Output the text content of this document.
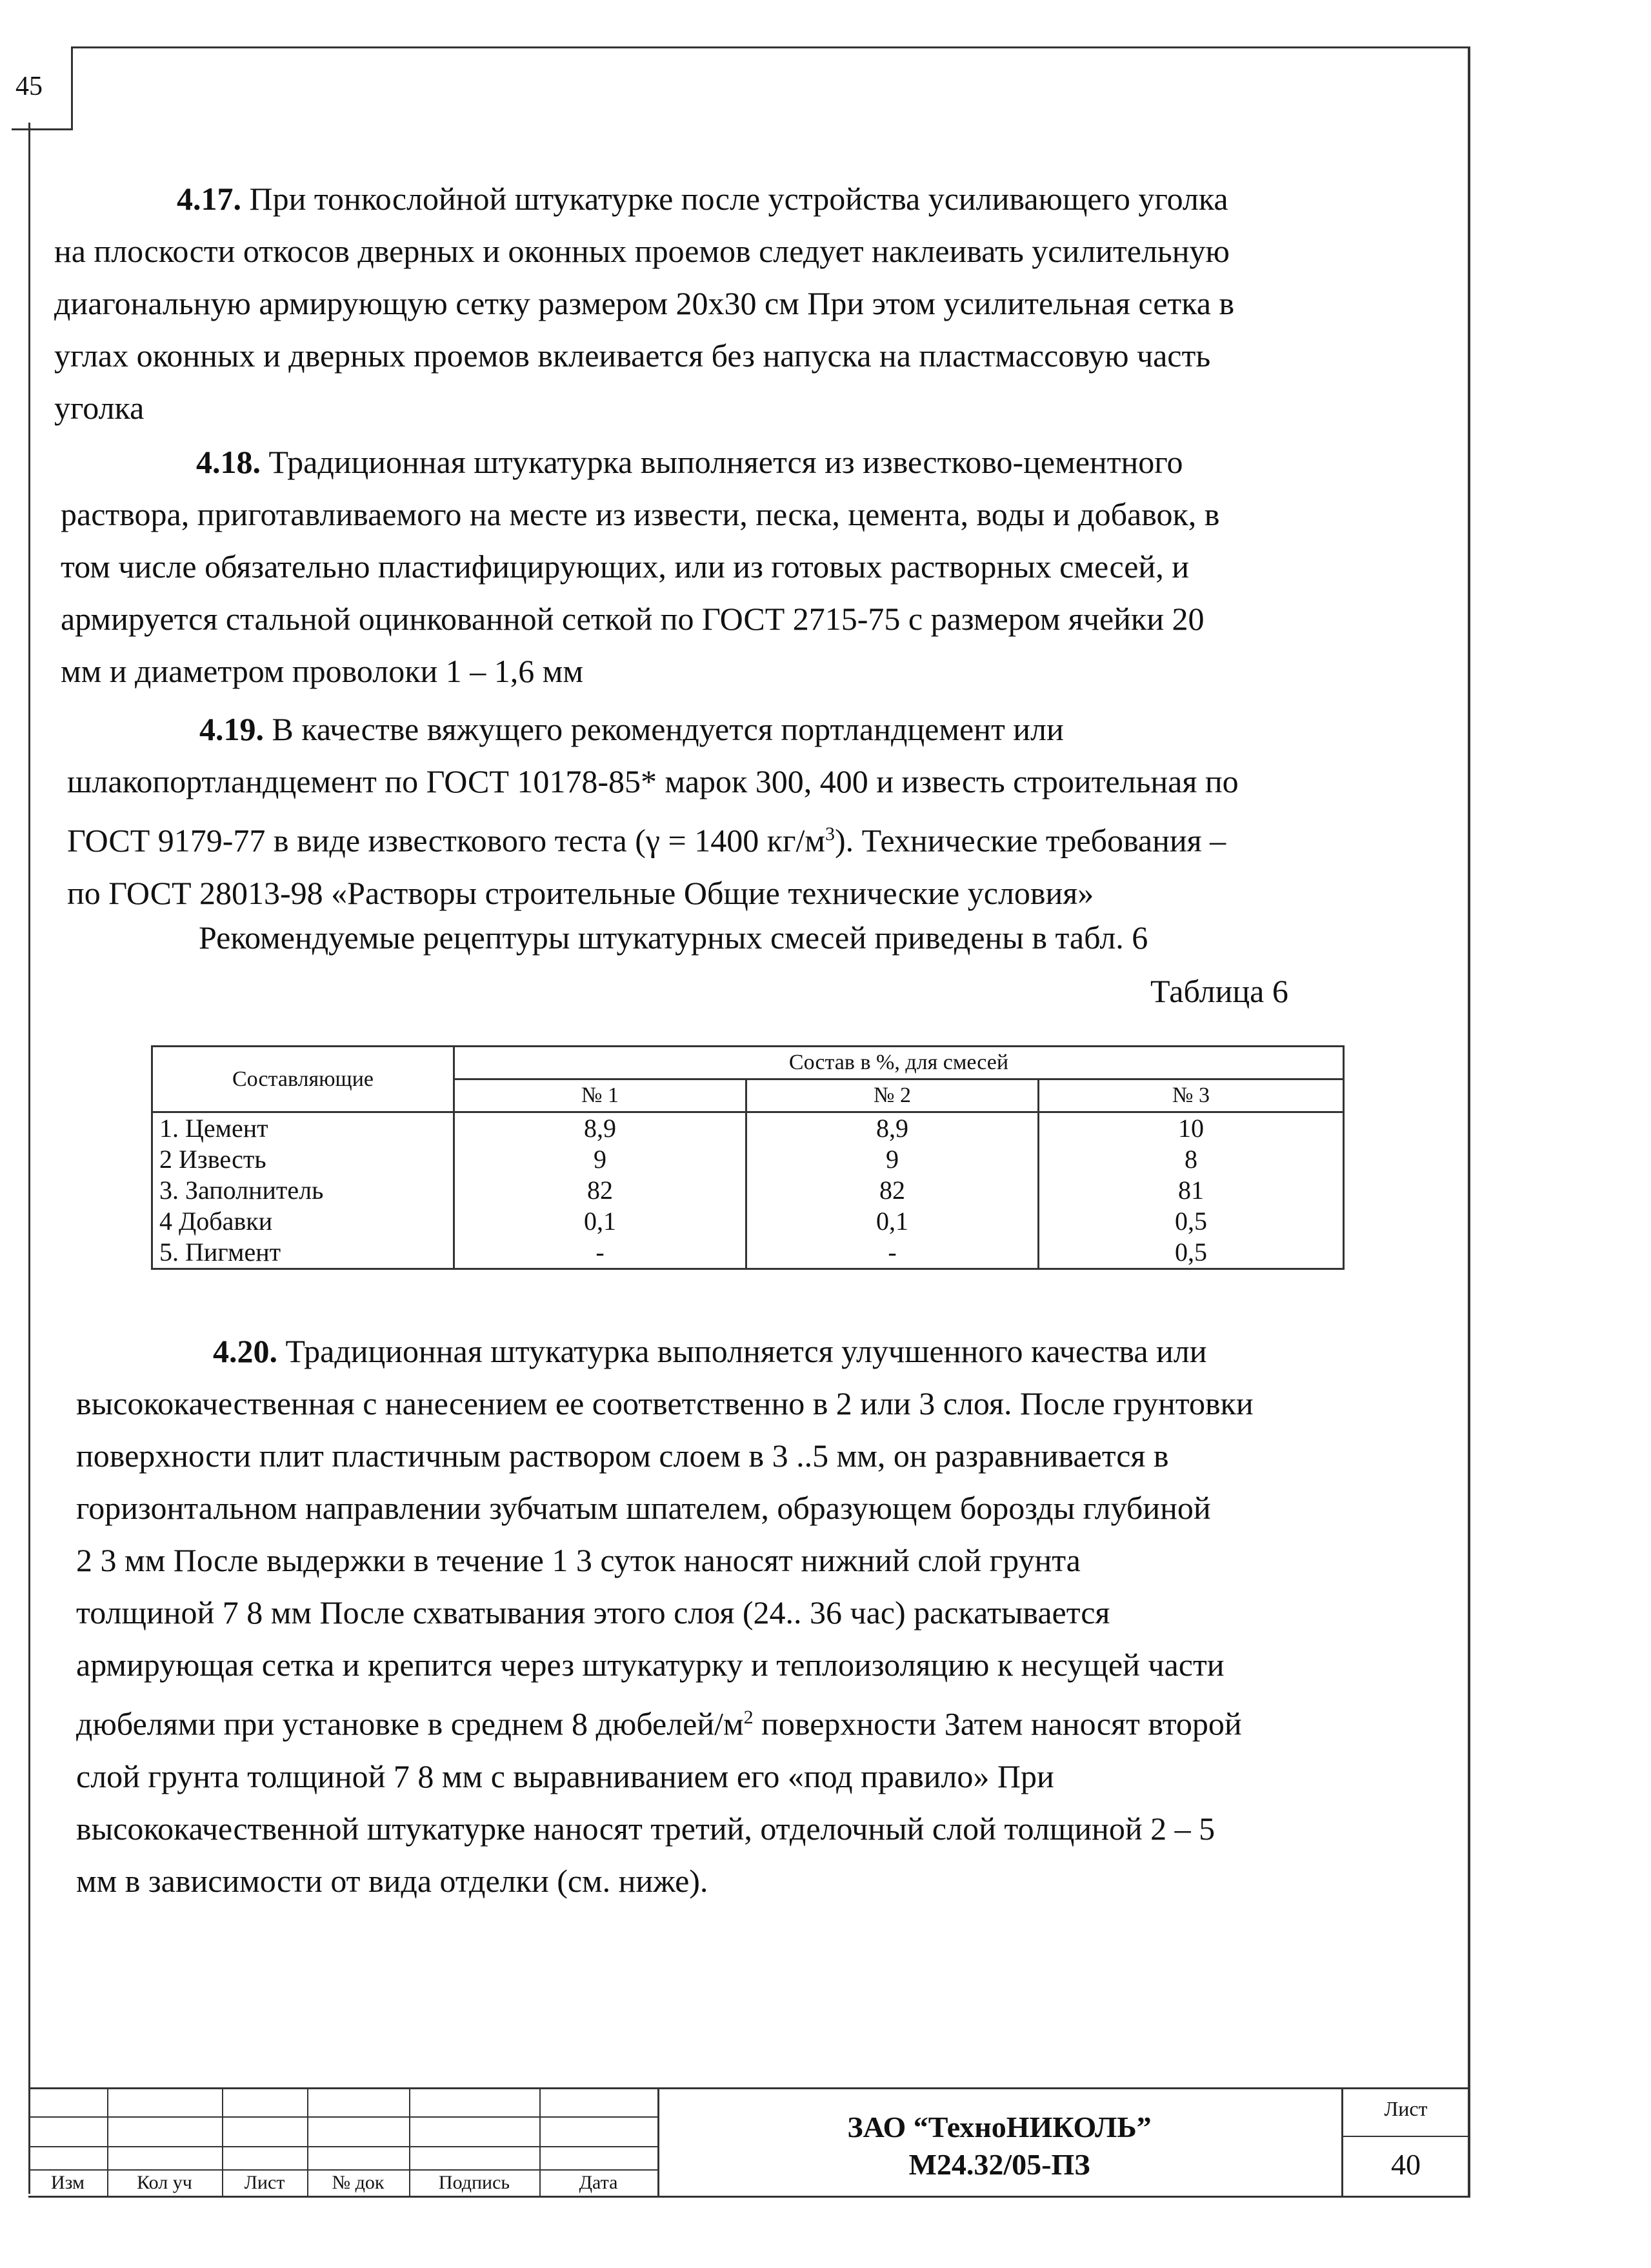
45
4.17. При тонкослойной штукатурке после устройства усиливающего уголка
на плоскости откосов дверных и оконных проемов следует наклеивать усилительную
диагональную армирующую сетку размером 20х30 см При этом усилительная сетка в
углах оконных и дверных проемов вклеивается без напуска на пластмассовую часть
уголка
4.18. Традиционная штукатурка выполняется из известково-цементного
раствора, приготавливаемого на месте из извести, песка, цемента, воды и добавок, в
том числе обязательно пластифицирующих, или из готовых растворных смесей, и
армируется стальной оцинкованной сеткой по ГОСТ 2715-75 с размером ячейки 20
мм и диаметром проволоки 1 – 1,6 мм
4.19. В качестве вяжущего рекомендуется портландцемент или
шлакопортландцемент по ГОСТ 10178-85* марок 300, 400 и известь строительная по
ГОСТ 9179-77 в виде известкового теста (γ = 1400 $кг/м^3$). Технические требования –
по ГОСТ 28013-98 «Растворы строительные Общие технические условия»
Рекомендуемые рецептуры штукатурных смесей приведены в табл. 6
Таблица 6
Составляющие	Состав в %, для смесей		
	№ 1	№ 2	№ 3
1. Цемент	8,9	8,9	10
2 Известь	9	9	8
3. Заполнитель	82	82	81
4 Добавки	0,1	0,1	0,5
5. Пигмент	-	-	0,5
4.20. Традиционная штукатурка выполняется улучшенного качества или
высококачественная с нанесением ее соответственно в 2 или 3 слоя. После грунтовки
поверхности плит пластичным раствором слоем в 3 ..5 мм, он разравнивается в
горизонтальном направлении зубчатым шпателем, образующем борозды глубиной
2 3 мм После выдержки в течение 1 3 суток наносят нижний слой грунта
толщиной 7 8 мм После схватывания этого слоя (24.. 36 час) раскатывается
армирующая сетка и крепится через штукатурку и теплоизоляцию к несущей части
дюбелями при установке в среднем 8 дюбелей/$м^2$ поверхности Затем наносят второй
слой грунта толщиной 7 8 мм с выравниванием его «под правило» При
высококачественной штукатурке наносят третий, отделочный слой толщиной 2 – 5
мм в зависимости от вида отделки (см. ниже).
Изм	Кол уч	Лист	№ док	Подпись	Дата
ЗАО “ТехноНИКОЛЬ”
М24.32/05-ПЗ
Лист
40
